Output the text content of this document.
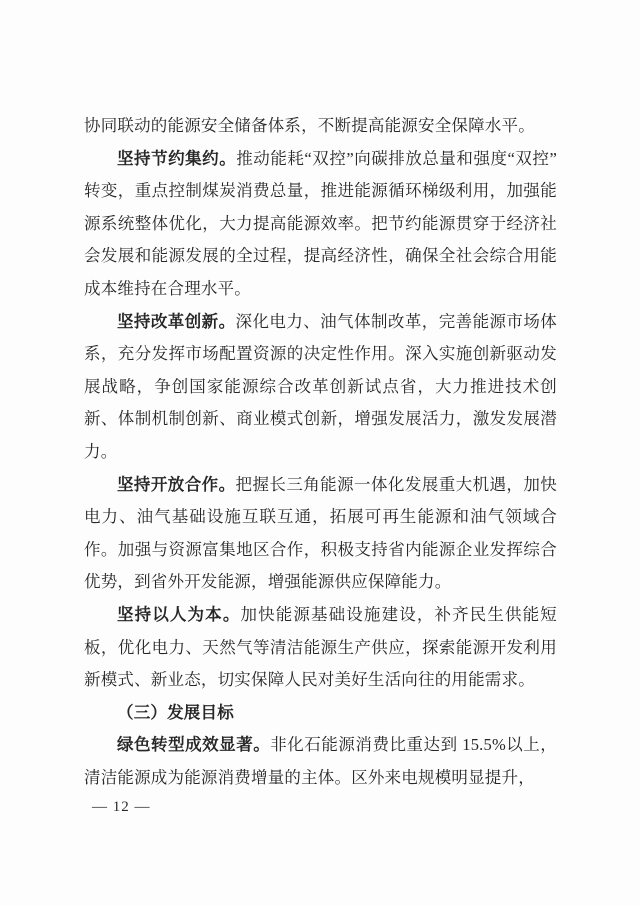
协同联动的能源安全储备体系，不断提高能源安全保障水平。

坚持节约集约。推动能耗“双控”向碳排放总量和强度“双控”转变，重点控制煤炭消费总量，推进能源循环梯级利用，加强能源系统整体优化，大力提高能源效率。把节约能源贯穿于经济社会发展和能源发展的全过程，提高经济性，确保全社会综合用能成本维持在合理水平。

坚持改革创新。深化电力、油气体制改革，完善能源市场体系，充分发挥市场配置资源的决定性作用。深入实施创新驱动发展战略，争创国家能源综合改革创新试点省，大力推进技术创新、体制机制创新、商业模式创新，增强发展活力，激发发展潜力。

坚持开放合作。把握长三角能源一体化发展重大机遇，加快电力、油气基础设施互联互通，拓展可再生能源和油气领域合作。加强与资源富集地区合作，积极支持省内能源企业发挥综合优势，到省外开发能源，增强能源供应保障能力。

坚持以人为本。加快能源基础设施建设，补齐民生供能短板，优化电力、天然气等清洁能源生产供应，探索能源开发利用新模式、新业态，切实保障人民对美好生活向往的用能需求。

（三）发展目标

绿色转型成效显著。非化石能源消费比重达到 15.5%以上，清洁能源成为能源消费增量的主体。区外来电规模明显提升，

— 12 —
